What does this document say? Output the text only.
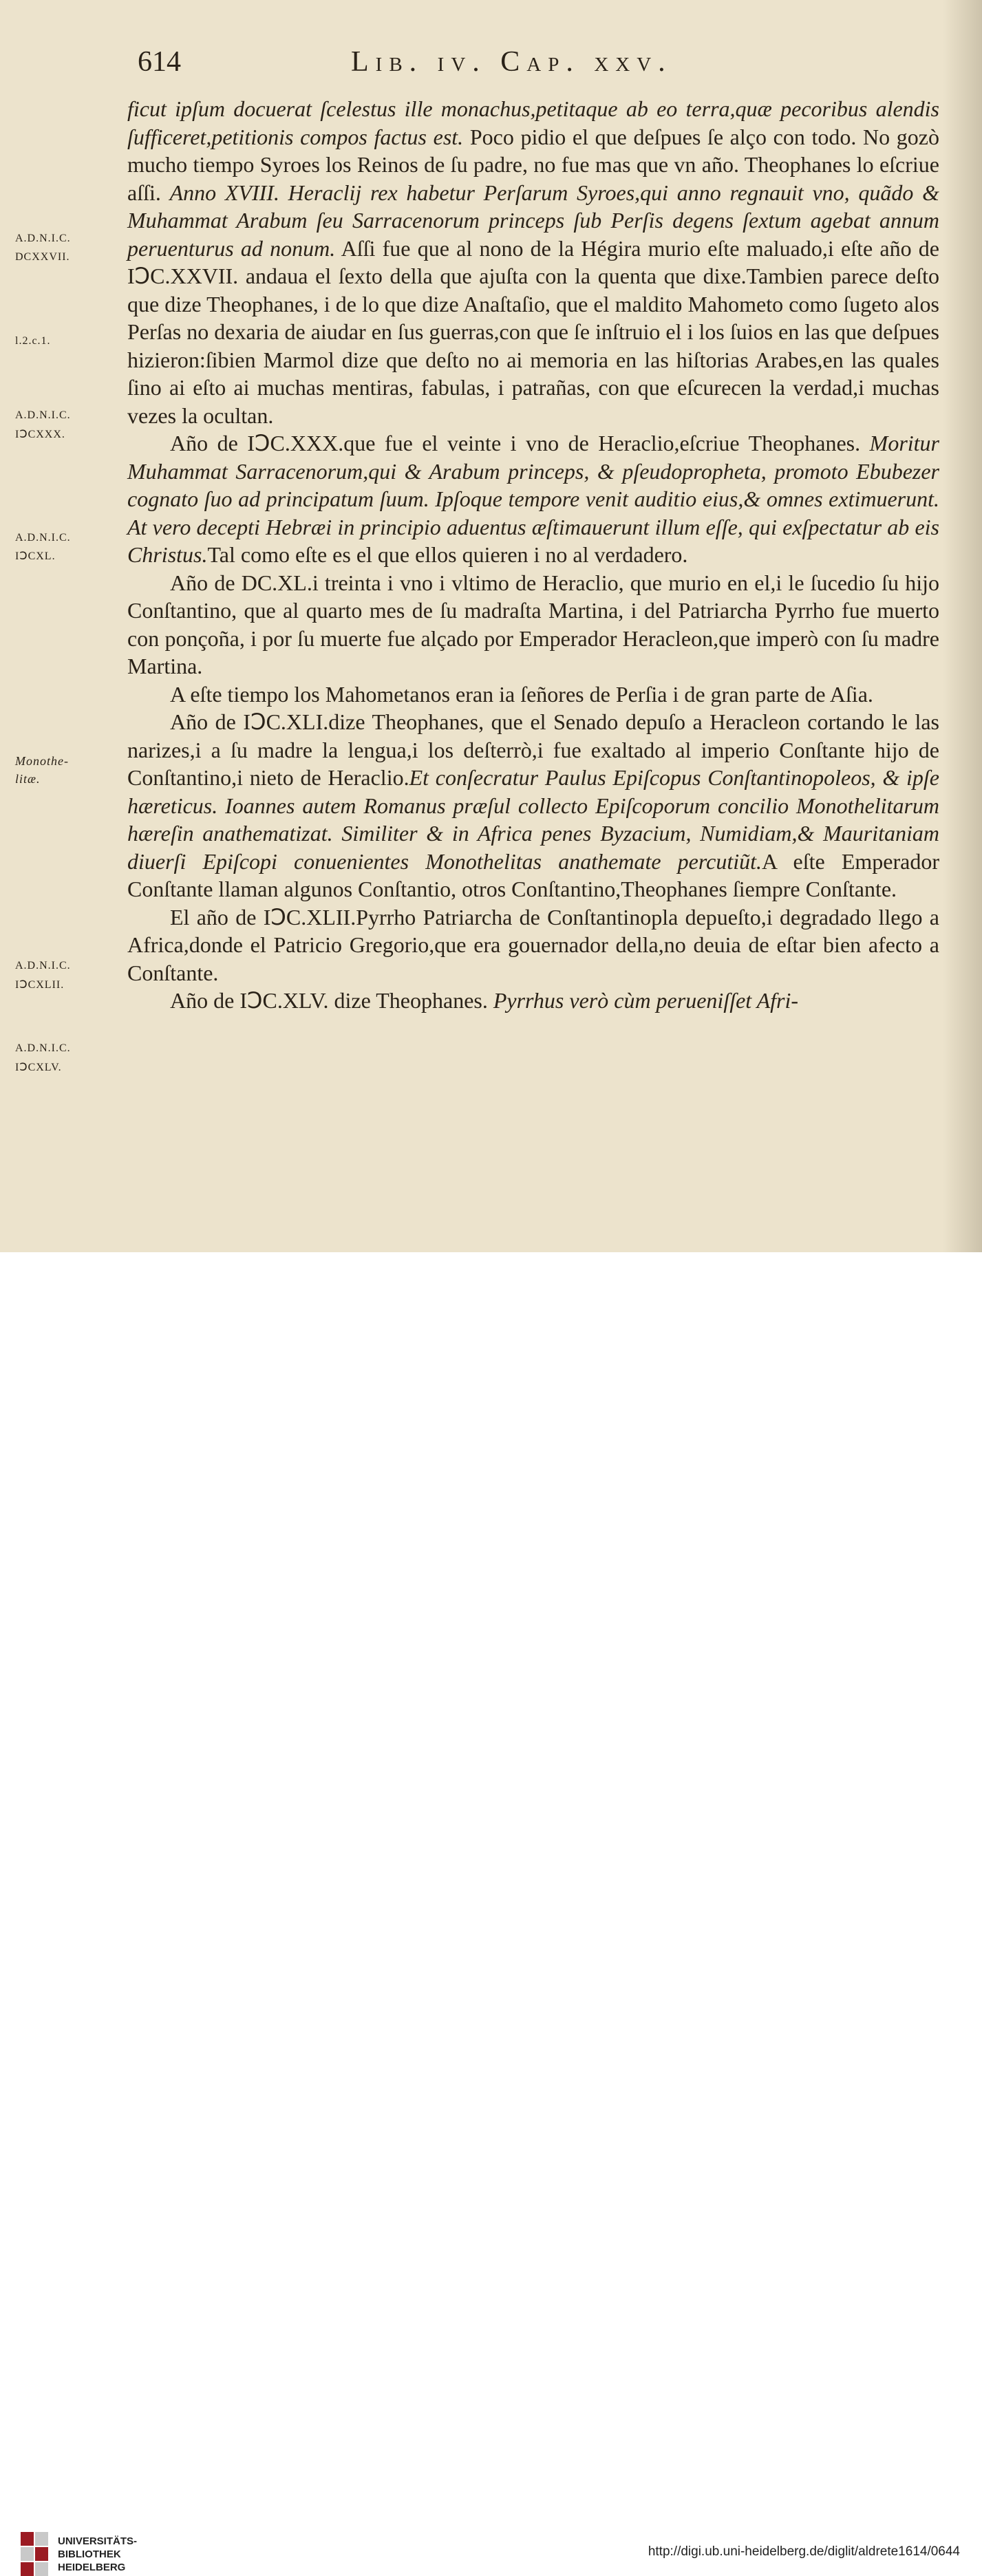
614	Lib. iv. Cap. xxv.
A.D.N.I.C.
DCXXVII.
l.2.c.1.
A.D.N.I.C.
IↃCXXX.
A.D.N.I.C.
IↃCXL.
Monothe-
litæ.
A.D.N.I.C.
IↃCXLII.
A.D.N.I.C.
IↃCXLV.

ficut ipſum docuerat ſcelestus ille monachus,petitaque ab eo terra,quæ pecoribus alendis ſufficeret,petitionis compos factus est. Poco pidio el que deſpues ſe alço con todo. No gozò mucho tiempo Syroes los Reinos de ſu padre, no fue mas que vn año. Theophanes lo eſcriue aſſi. Anno XVIII. Heraclij rex habetur Perſarum Syroes,qui anno regnauit vno, quãdo & Muhammat Arabum ſeu Sarracenorum princeps ſub Perſis degens ſextum agebat annum peruenturus ad nonum. Aſſi fue que al nono de la Hégira murio eſte maluado,i eſte año de IↃC.XXVII. andaua el ſexto della que ajuſta con la quenta que dixe.Tambien parece deſto que dize Theophanes, i de lo que dize Anaſtaſio, que el maldito Mahometo como ſugeto alos Perſas no dexaria de aiudar en ſus guerras,con que ſe inſtruio el i los ſuios en las que deſpues hizieron:ſibien Marmol dize que deſto no ai memoria en las hiſtorias Arabes,en las quales ſino ai eſto ai muchas mentiras, fabulas, i patrañas, con que eſcurecen la verdad,i muchas vezes la ocultan.

Año de IↃC.XXX.que fue el veinte i vno de Heraclio,eſcriue Theophanes. Moritur Muhammat Sarracenorum,qui & Arabum princeps, & pſeudopropheta, promoto Ebubezer cognato ſuo ad principatum ſuum. Ipſoque tempore venit auditio eius,& omnes extimuerunt. At vero decepti Hebræi in principio aduentus æſtimauerunt illum eſſe, qui exſpectatur ab eis Christus.Tal como eſte es el que ellos quieren i no al verdadero.

Año de DC.XL.i treinta i vno i vltimo de Heraclio, que murio en el,i le ſucedio ſu hijo Conſtantino, que al quarto mes de ſu madraſta Martina, i del Patriarcha Pyrrho fue muerto con ponçoña, i por ſu muerte fue alçado por Emperador Heracleon,que imperò con ſu madre Martina.

A eſte tiempo los Mahometanos eran ia ſeñores de Perſia i de gran parte de Aſia.

Año de IↃC.XLI.dize Theophanes, que el Senado depuſo a Heracleon cortando le las narizes,i a ſu madre la lengua,i los deſterrò,i fue exaltado al imperio Conſtante hijo de Conſtantino,i nieto de Heraclio.Et conſecratur Paulus Epiſcopus Conſtantinopoleos, & ipſe hæreticus. Ioannes autem Romanus præſul collecto Epiſcoporum concilio Monothelitarum hæreſin anathematizat. Similiter & in Africa penes Byzacium, Numidiam,& Mauritaniam diuerſi Epiſcopi conuenientes Monothelitas anathemate percutiũt.A eſte Emperador Conſtante llaman algunos Conſtantio, otros Conſtantino,Theophanes ſiempre Conſtante.

El año de IↃC.XLII.Pyrrho Patriarcha de Conſtantinopla depueſto,i degradado llego a Africa,donde el Patricio Gregorio,que era gouernador della,no deuia de eſtar bien afecto a Conſtante.

Año de IↃC.XLV. dize Theophanes. Pyrrhus verò cùm perueniſſet Afri-

UNIVERSITÄTS-
BIBLIOTHEK
HEIDELBERG
http://digi.ub.uni-heidelberg.de/diglit/aldrete1614/0644
